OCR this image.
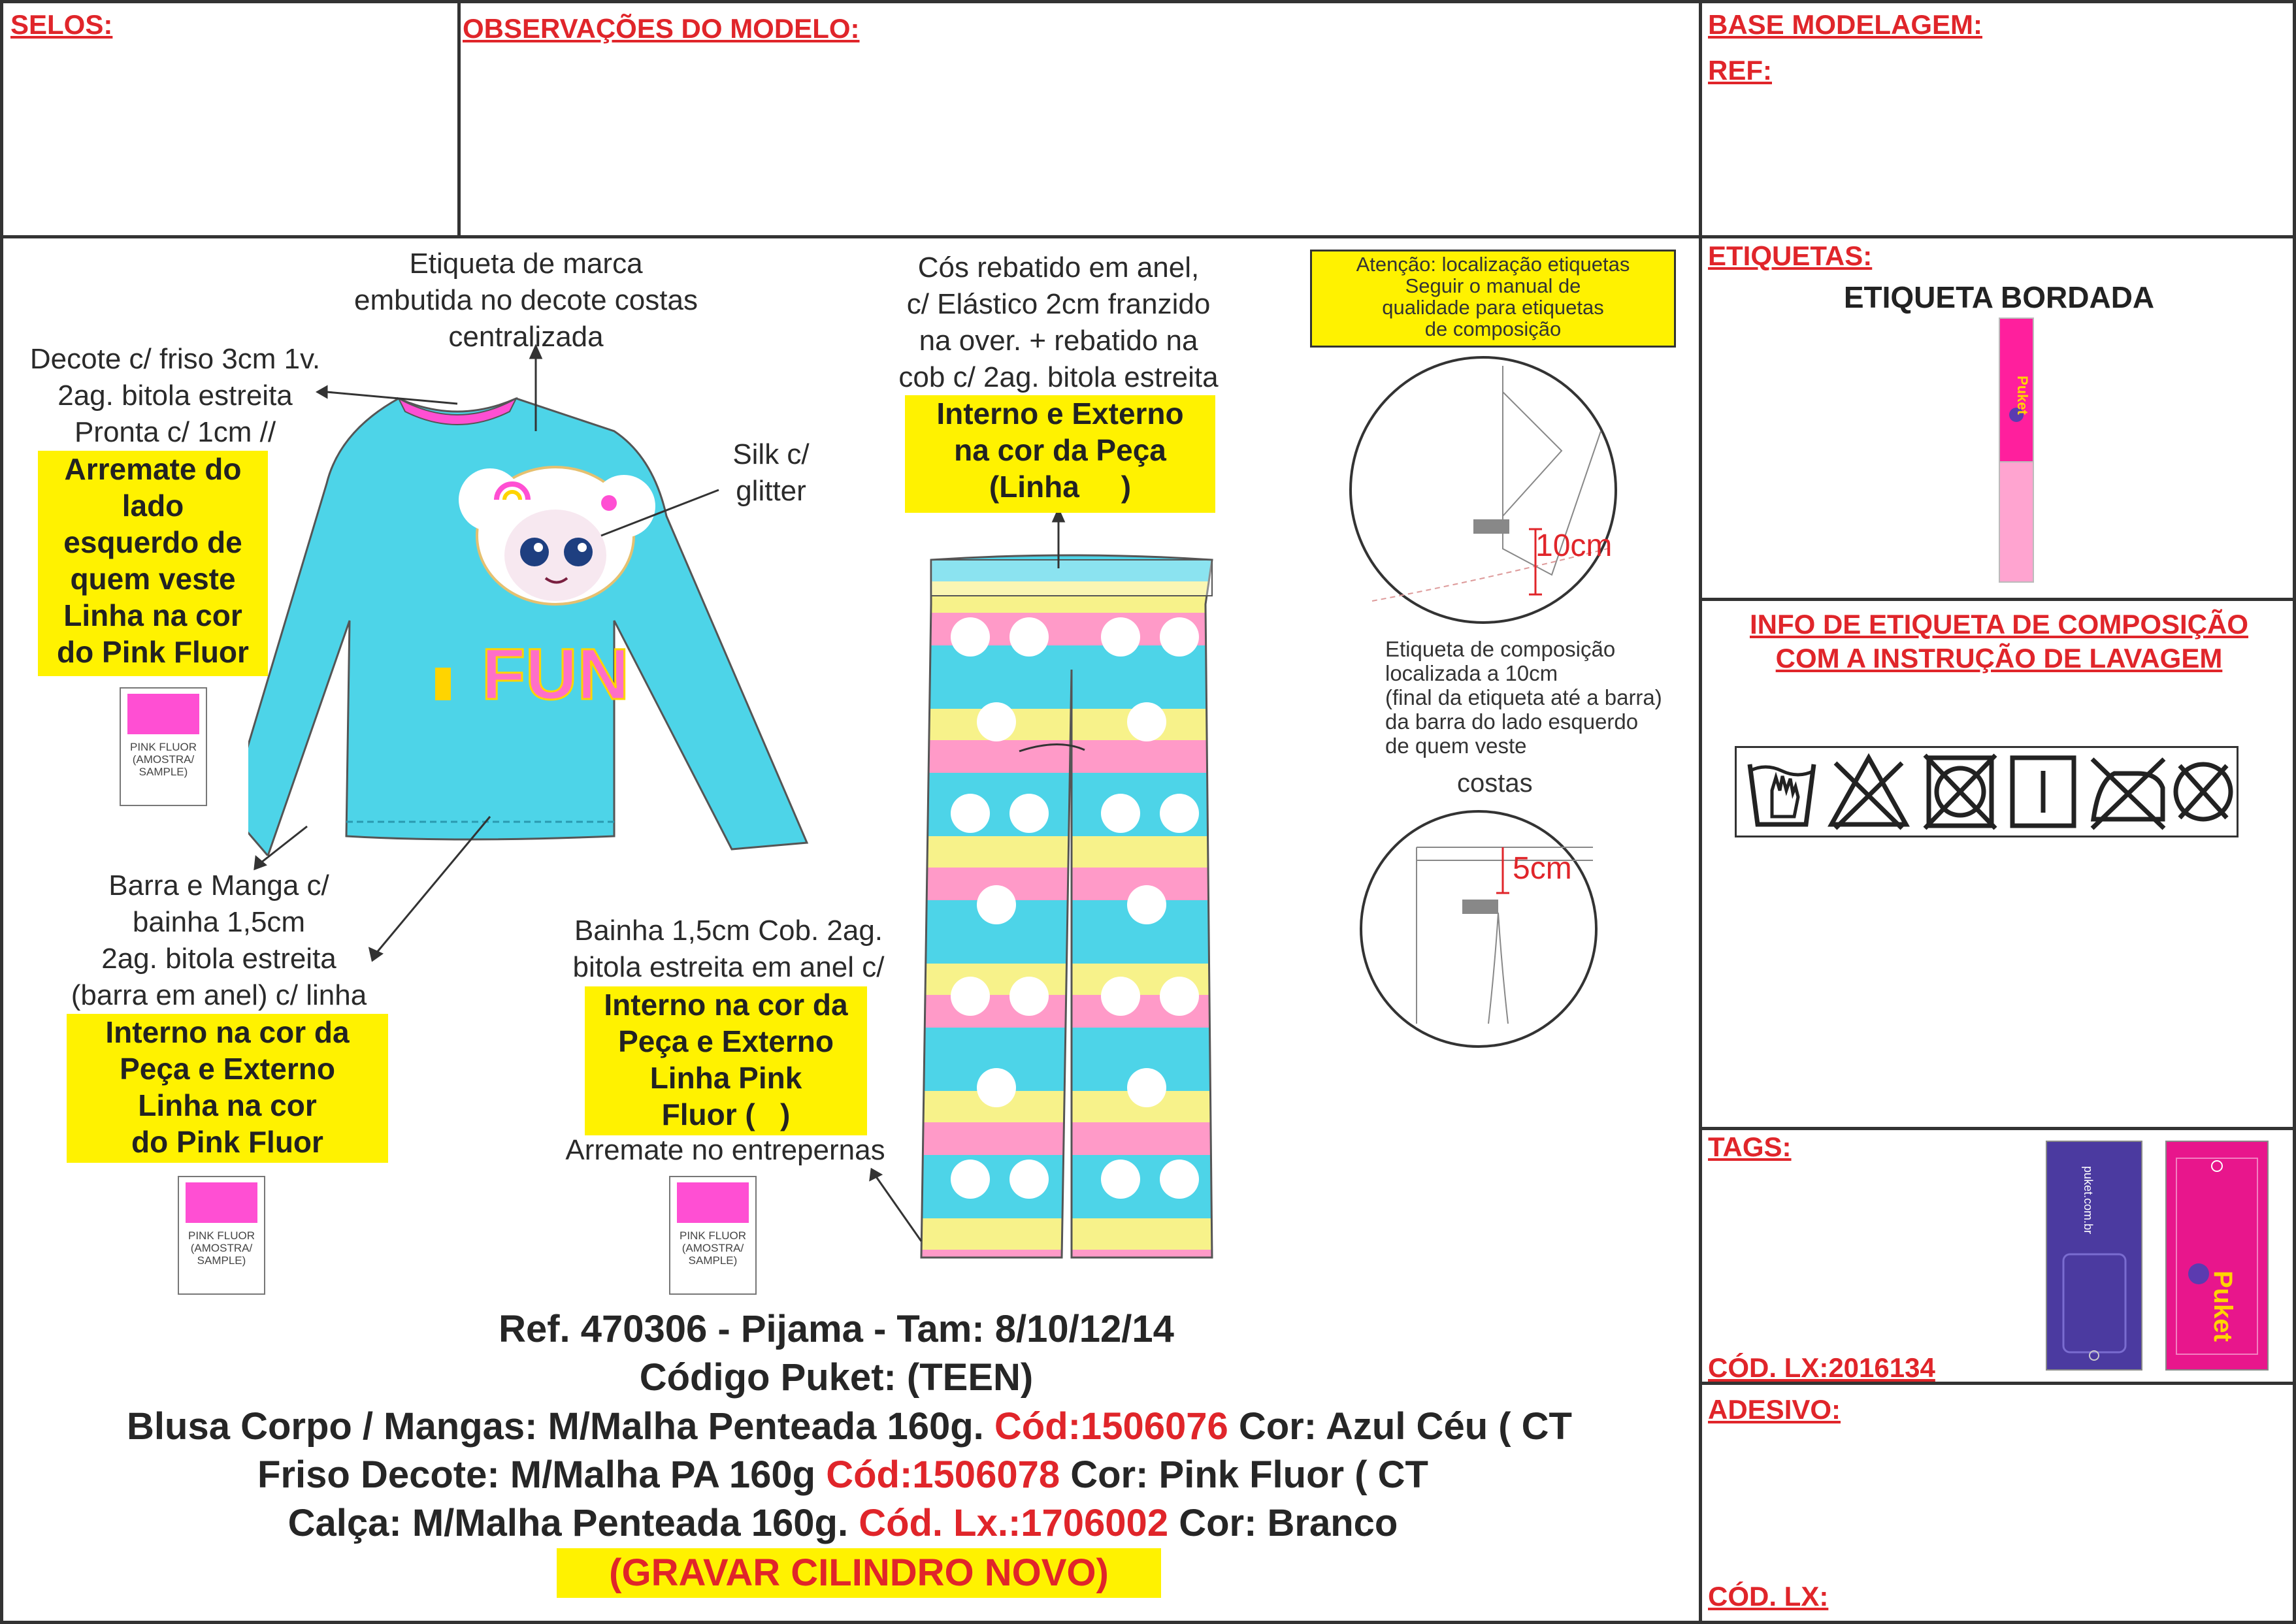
SELOS:	OBSERVAÇÕES DO MODELO:	BASE MODELAGEM:
REF:
ETIQUETAS:
ETIQUETA BORDADA
Puket
INFO DE ETIQUETA DE COMPOSIÇÃO
COM A INSTRUÇÃO DE LAVAGEM
TAGS:
puket.com.br
Puket
CÓD. LX:2016134
ADESIVO:
CÓD. LX:
FUN
PINK FLUOR
(AMOSTRA/
SAMPLE)
Etiqueta de marca
embutida no decote costas
centralizada
Decote c/ friso 3cm 1v.
2ag. bitola estreita
Pronta c/ 1cm //
Arremate do lado
esquerdo de
quem veste
Linha na cor
do Pink Fluor
Silk c/
glitter
Cós rebatido em anel,
c/ Elástico 2cm franzido
na over. + rebatido na
cob c/ 2ag. bitola estreita
Interno e Externo
na cor da Peça
(Linha     )
Atenção: localização etiquetas
Seguir o manual de
qualidade para etiquetas
de composição
10cm
Etiqueta de composição
localizada a 10cm
(final da etiqueta até a barra)
da barra do lado esquerdo
de quem veste
costas
5cm
Barra e Manga c/
bainha 1,5cm
2ag. bitola estreita
(barra em anel) c/ linha
Interno na cor da
Peça e Externo
Linha na cor
do Pink Fluor
PINK FLUOR
(AMOSTRA/
SAMPLE)
Bainha 1,5cm Cob. 2ag.
bitola estreita em anel c/
Interno na cor da
Peça e Externo
Linha Pink
Fluor (   )
Arremate no entrepernas
PINK FLUOR
(AMOSTRA/
SAMPLE)
Ref. 470306 - Pijama - Tam: 8/10/12/14
Código Puket: (TEEN)
Blusa Corpo / Mangas: M/Malha Penteada 160g. Cód:1506076 Cor: Azul Céu ( CT
Friso Decote: M/Malha PA 160g Cód:1506078 Cor: Pink Fluor ( CT
Calça: M/Malha Penteada 160g. Cód. Lx.:1706002 Cor: Branco
(GRAVAR CILINDRO NOVO)
